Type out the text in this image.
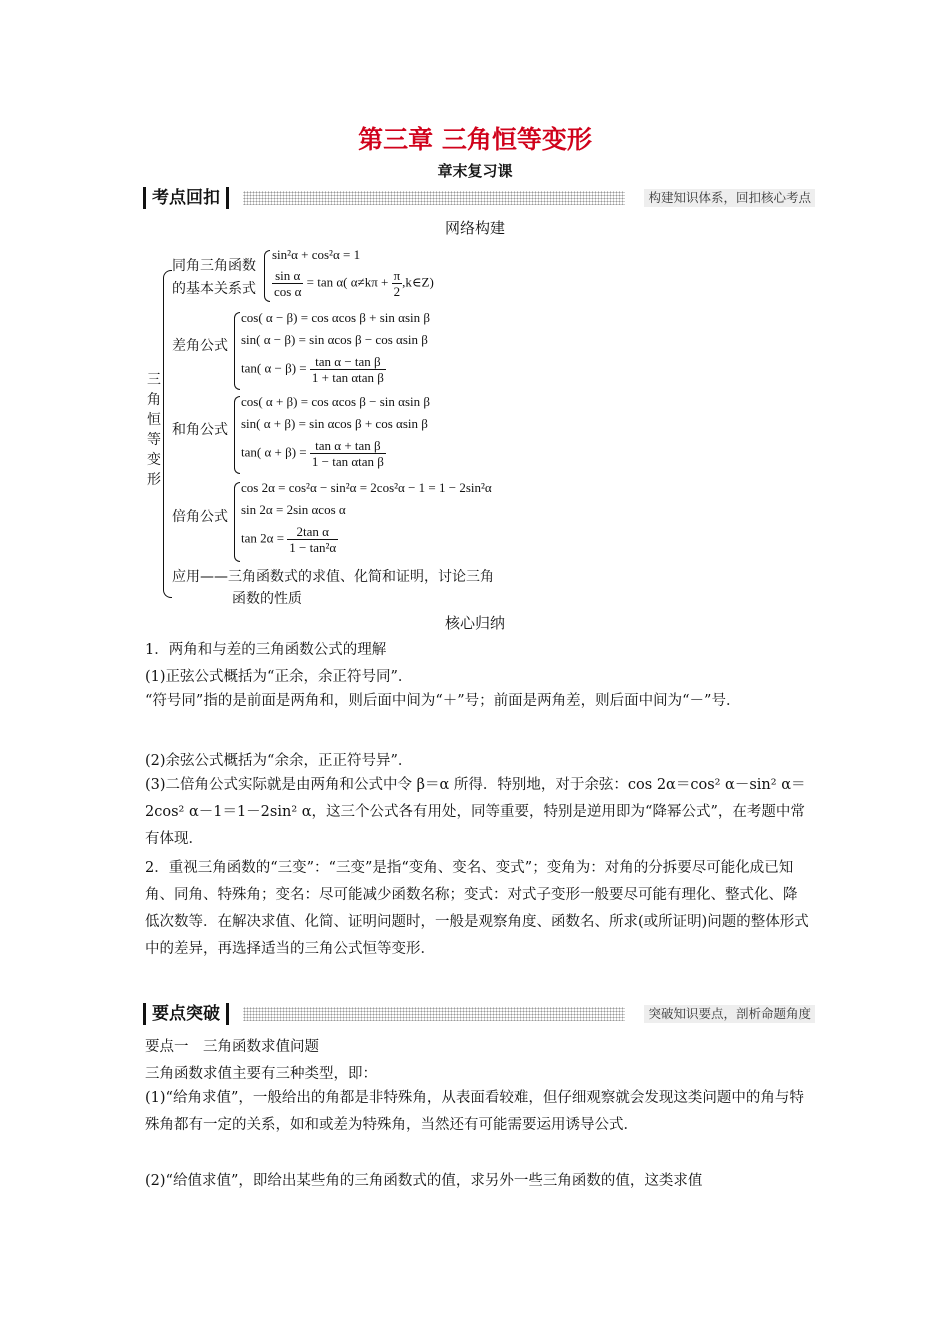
第三章 三角恒等变形
章末复习课
考点回扣	构建知识体系，回扣核心考点
网络构建
三角恒等变形
同角三角函数
的基本关系式
sin²α + cos²α = 1
$\frac{\text{sin α}}{\text{cos α}} = \tan \alpha$( $\alpha\ne k\pi + \frac{\pi}{2}$ ,k∈Z)
差角公式
cos( α − β) = cos αcos β + sin αsin β
sin( α − β) = sin αcos β − cos αsin β
tan( $\alpha - \beta) = \frac{\text{tan α − tan β}}{\text{1 + tan αtan β}}$
和角公式
cos( α + β) = cos αcos β − sin αsin β
sin( α + β) = sin αcos β + cos αsin β
tan( $\alpha + \beta) = \frac{\text{tan α + tan β}}{\text{1 − tan αtan β}}$
倍角公式
cos 2α = cos²α − sin²α = 2cos²α − 1 = 1 − 2sin²α
sin 2α = 2sin αcos α
$\tan 2\alpha = \frac{\text{2tan α}}{\text{1 − tan²α}}$
应用——三角函数式的求值、化简和证明，讨论三角
函数的性质
核心归纳
1．两角和与差的三角函数公式的理解
(1)正弦公式概括为“正余，余正符号同”．
“符号同”指的是前面是两角和，则后面中间为“＋”号；前面是两角差，则后面中间为“－”号．
(2)余弦公式概括为“余余，正正符号异”．
(3)二倍角公式实际就是由两角和公式中令 β＝α 所得．特别地，对于余弦：cos 2α＝cos² α－sin² α＝2cos² α－1＝1－2sin² α，这三个公式各有用处，同等重要，特别是逆用即为“降幂公式”，在考题中常有体现．
2．重视三角函数的“三变”：“三变”是指“变角、变名、变式”；变角为：对角的分拆要尽可能化成已知角、同角、特殊角；变名：尽可能减少函数名称；变式：对式子变形一般要尽可能有理化、整式化、降低次数等．在解决求值、化简、证明问题时，一般是观察角度、函数名、所求(或所证明)问题的整体形式中的差异，再选择适当的三角公式恒等变形．
要点突破	突破知识要点，剖析命题角度
要点一　三角函数求值问题
三角函数求值主要有三种类型，即：
(1)“给角求值”，一般给出的角都是非特殊角，从表面看较难，但仔细观察就会发现这类问题中的角与特殊角都有一定的关系，如和或差为特殊角，当然还有可能需要运用诱导公式．
(2)“给值求值”，即给出某些角的三角函数式的值，求另外一些三角函数的值，这类求值
